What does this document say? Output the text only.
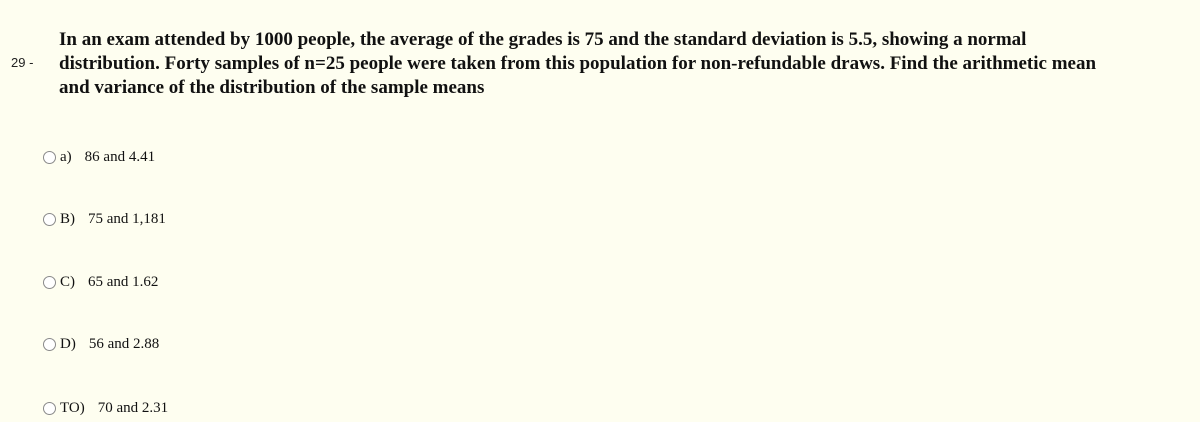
29 -
In an exam attended by 1000 people, the average of the grades is 75 and the standard deviation is 5.5, showing a normal
distribution. Forty samples of n=25 people were taken from this population for non-refundable draws. Find the arithmetic mean
and variance of the distribution of the sample means
a) 86 and 4.41
B) 75 and 1,181
C) 65 and 1.62
D) 56 and 2.88
TO) 70 and 2.31
